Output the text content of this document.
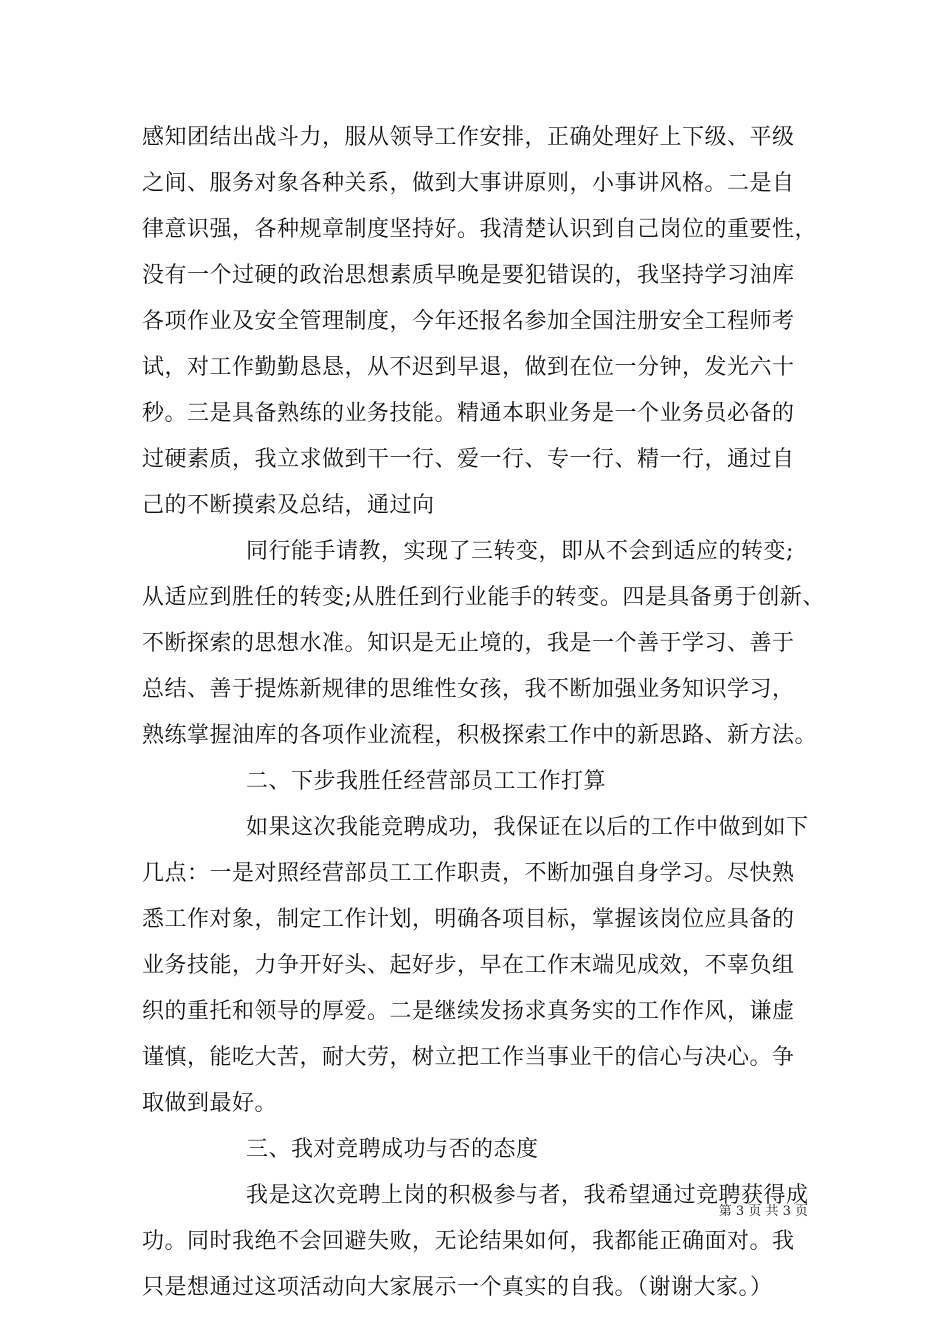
感知团结出战斗力，服从领导工作安排，正确处理好上下级、平级
之间、服务对象各种关系，做到大事讲原则，小事讲风格。二是自
律意识强，各种规章制度坚持好。我清楚认识到自己岗位的重要性，
没有一个过硬的政治思想素质早晚是要犯错误的，我坚持学习油库
各项作业及安全管理制度，今年还报名参加全国注册安全工程师考
试，对工作勤勤恳恳，从不迟到早退，做到在位一分钟，发光六十
秒。三是具备熟练的业务技能。精通本职业务是一个业务员必备的
过硬素质，我立求做到干一行、爱一行、专一行、精一行，通过自
己的不断摸索及总结，通过向
同行能手请教，实现了三转变，即从不会到适应的转变;
从适应到胜任的转变;从胜任到行业能手的转变。四是具备勇于创新、
不断探索的思想水准。知识是无止境的，我是一个善于学习、善于
总结、善于提炼新规律的思维性女孩，我不断加强业务知识学习，
熟练掌握油库的各项作业流程，积极探索工作中的新思路、新方法。
二、下步我胜任经营部员工工作打算
如果这次我能竞聘成功，我保证在以后的工作中做到如下
几点：一是对照经营部员工工作职责，不断加强自身学习。尽快熟
悉工作对象，制定工作计划，明确各项目标，掌握该岗位应具备的
业务技能，力争开好头、起好步，早在工作末端见成效，不辜负组
织的重托和领导的厚爱。二是继续发扬求真务实的工作作风，谦虚
谨慎，能吃大苦，耐大劳，树立把工作当事业干的信心与决心。争
取做到最好。
三、我对竞聘成功与否的态度
我是这次竞聘上岗的积极参与者，我希望通过竞聘获得成
功。同时我绝不会回避失败，无论结果如何，我都能正确面对。我
只是想通过这项活动向大家展示一个真实的自我。（谢谢大家。）
第 3 页 共 3 页
